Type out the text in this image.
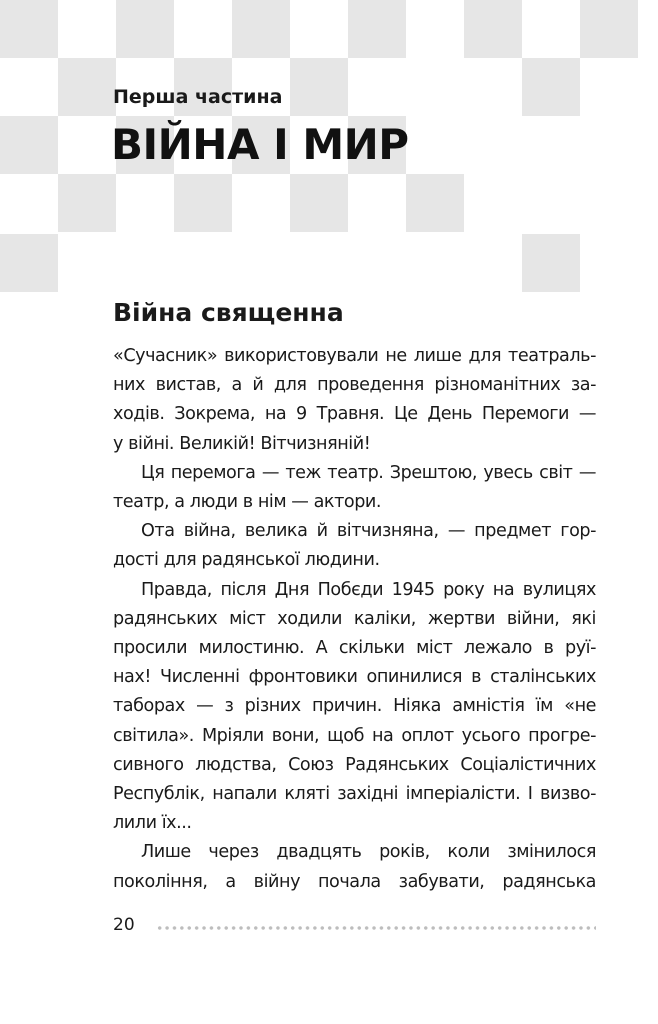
Перша частина
ВІЙНА І МИР
Війна священна
«Сучасник» використовували не лише для театраль-
них вистав, а й для проведення різноманітних за-
ходів. Зокрема, на 9 Травня. Це День Перемоги —
у війні. Великій! Вітчизняній!
Ця перемога — теж театр. Зрештою, увесь світ —
театр, а люди в нім — актори.
Ота війна, велика й вітчизняна, — предмет гор-
дості для радянської людини.
Правда, після Дня Побєди 1945 року на вулицях
радянських міст ходили каліки, жертви війни, які
просили милостиню. А скільки міст лежало в руї-
нах! Численні фронтовики опинилися в сталінських
таборах — з різних причин. Ніяка амністія їм «не
світила». Мріяли вони, щоб на оплот усього прогре-
сивного людства, Союз Радянських Соціалістичних
Республік, напали кляті західні імперіалісти. І визво-
лили їх...
Лише через двадцять років, коли змінилося
покоління, а війну почала забувати, радянська
20
